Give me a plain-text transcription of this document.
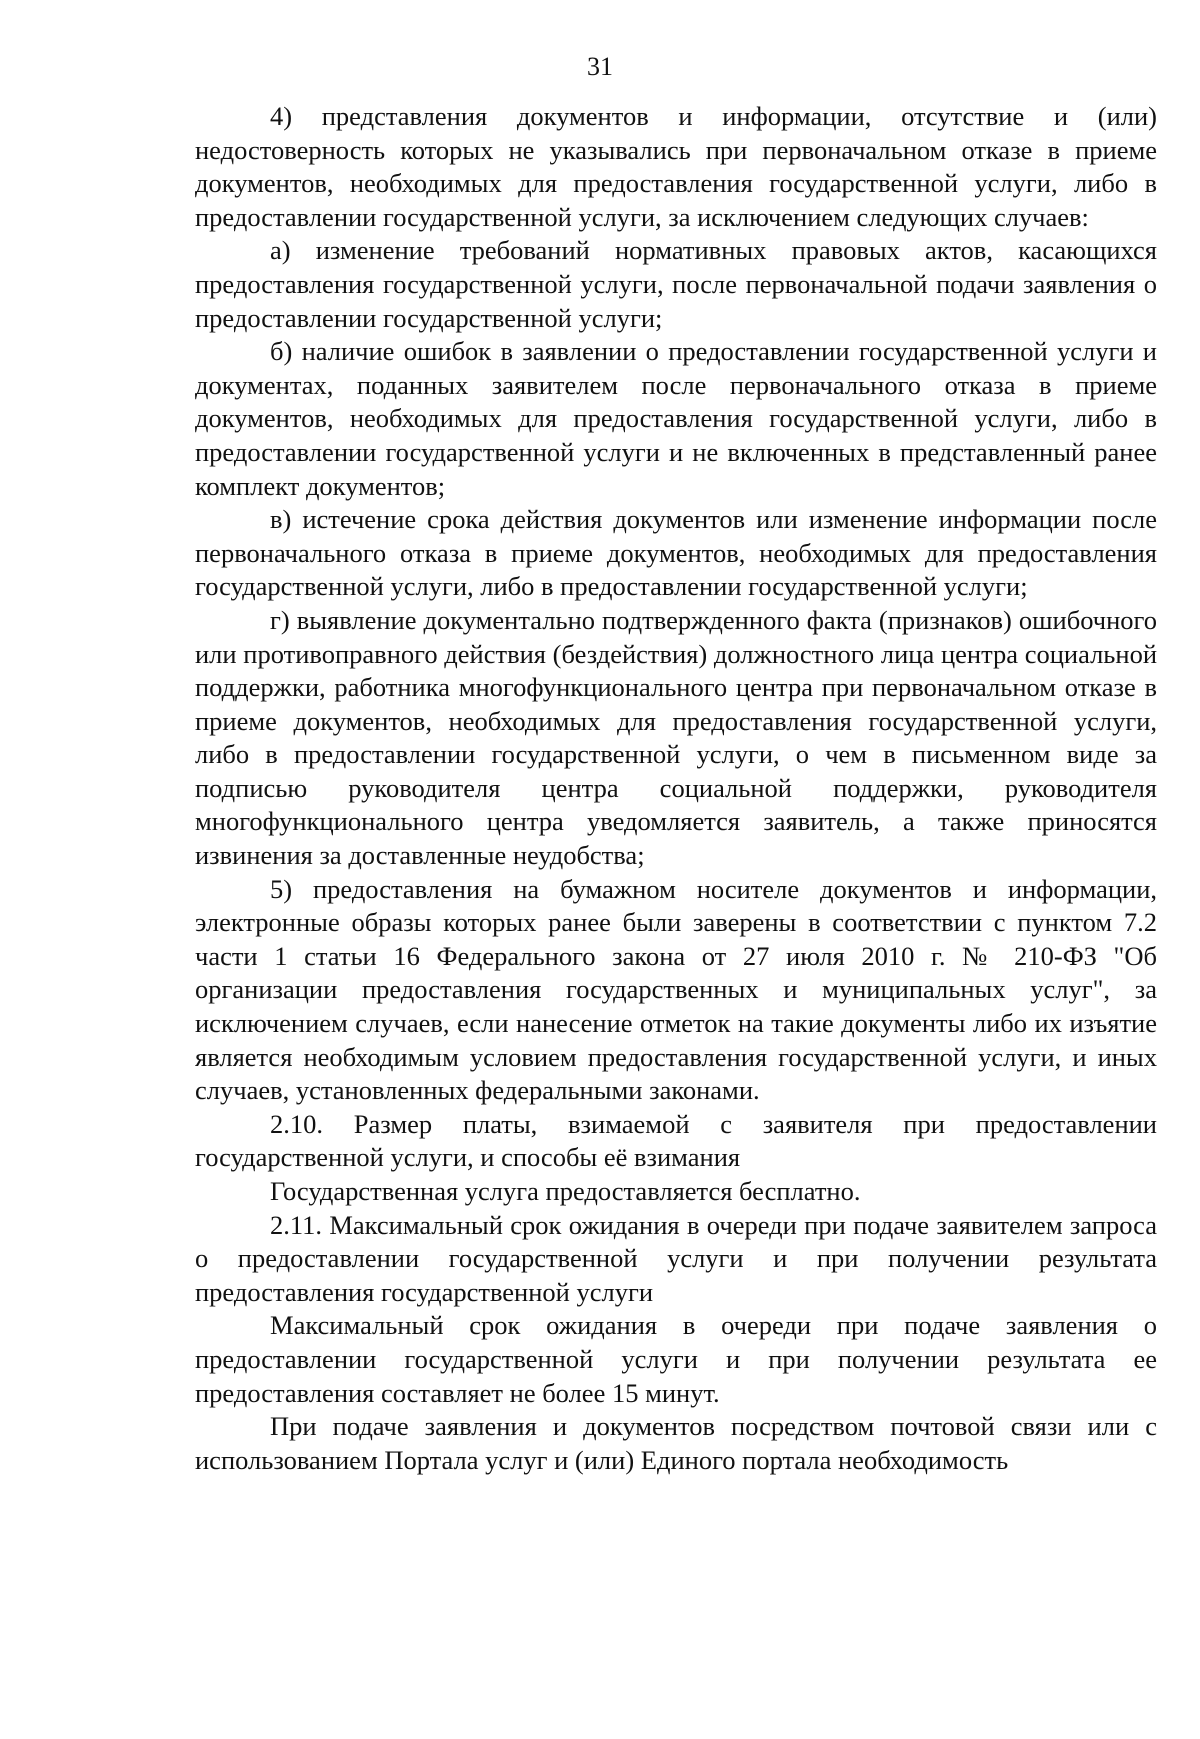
31

4) представления документов и информации, отсутствие и (или) недостоверность которых не указывались при первоначальном отказе в приеме документов, необходимых для предоставления государственной услуги, либо в предоставлении государственной услуги, за исключением следующих случаев:

а) изменение требований нормативных правовых актов, касающихся предоставления государственной услуги, после первоначальной подачи заявления о предоставлении государственной услуги;

б) наличие ошибок в заявлении о предоставлении государственной услуги и документах, поданных заявителем после первоначального отказа в приеме документов, необходимых для предоставления государственной услуги, либо в предоставлении государственной услуги и не включенных в представленный ранее комплект документов;

в) истечение срока действия документов или изменение информации после первоначального отказа в приеме документов, необходимых для предоставления государственной услуги, либо в предоставлении государственной услуги;

г) выявление документально подтвержденного факта (признаков) ошибочного или противоправного действия (бездействия) должностного лица центра социальной поддержки, работника многофункционального центра при первоначальном отказе в приеме документов, необходимых для предоставления государственной услуги, либо в предоставлении государственной услуги, о чем в письменном виде за подписью руководителя центра социальной поддержки, руководителя многофункционального центра уведомляется заявитель, а также приносятся извинения за доставленные неудобства;

5) предоставления на бумажном носителе документов и информации, электронные образы которых ранее были заверены в соответствии с пунктом 7.2 части 1 статьи 16 Федерального закона от 27 июля 2010 г. № 210-ФЗ "Об организации предоставления государственных и муниципальных услуг", за исключением случаев, если нанесение отметок на такие документы либо их изъятие является необходимым условием предоставления государственной услуги, и иных случаев, установленных федеральными законами.

2.10. Размер платы, взимаемой с заявителя при предоставлении государственной услуги, и способы её взимания

Государственная услуга предоставляется бесплатно.

2.11. Максимальный срок ожидания в очереди при подаче заявителем запроса о предоставлении государственной услуги и при получении результата предоставления государственной услуги

Максимальный срок ожидания в очереди при подаче заявления о предоставлении государственной услуги и при получении результата ее предоставления составляет не более 15 минут.

При подаче заявления и документов посредством почтовой связи или с использованием Портала услуг и (или) Единого портала необходимость
